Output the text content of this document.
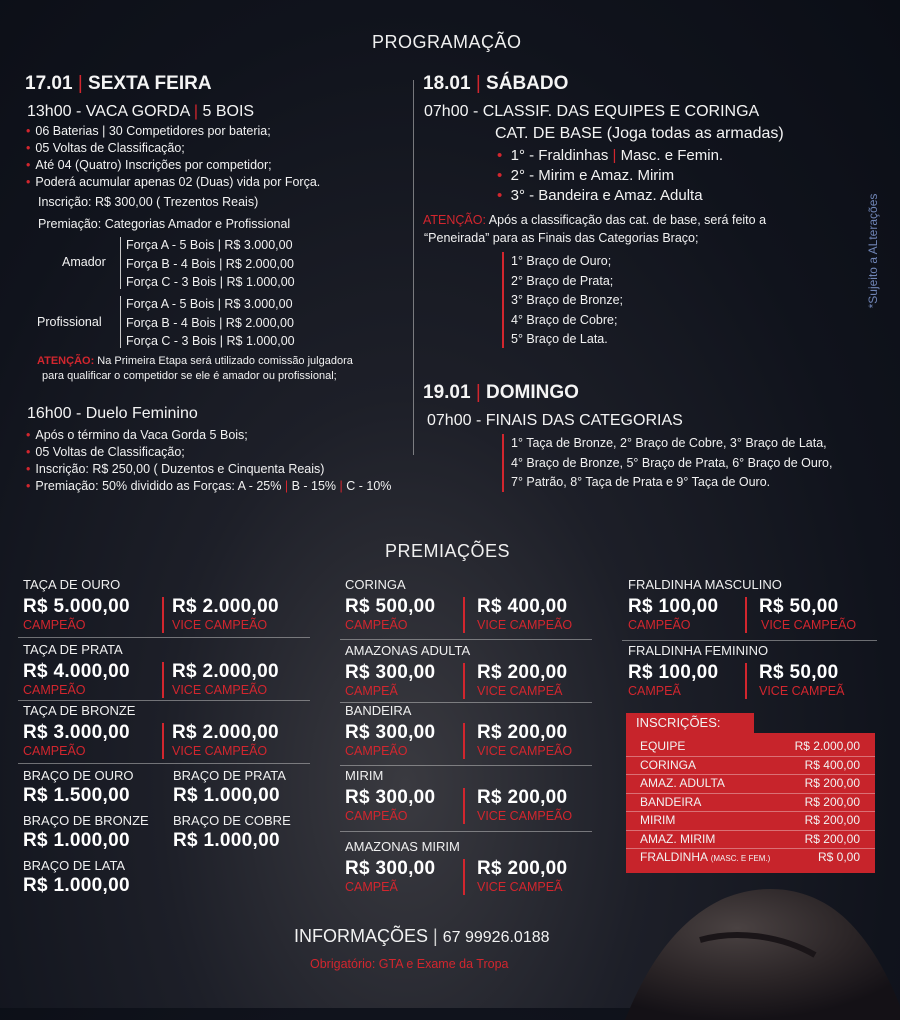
PROGRAMAÇÃO
*Sujeito a ALterações
17.01 | SEXTA FEIRA
13h00 - VACA GORDA | 5 BOIS
• 06 Baterias | 30 Competidores por bateria;
• 05 Voltas de Classificação;
• Até 04 (Quatro) Inscrições por competidor;
• Poderá acumular apenas 02 (Duas) vida por Força.
Inscrição: R$ 300,00 ( Trezentos Reais)
Premiação: Categorias Amador e Profissional
Amador
Força A - 5 Bois | R$ 3.000,00
Força B - 4 Bois | R$ 2.000,00
Força C - 3 Bois | R$ 1.000,00
Profissional
Força A - 5 Bois | R$ 3.000,00
Força B - 4 Bois | R$ 2.000,00
Força C - 3 Bois | R$ 1.000,00
ATENÇÃO: Na Primeira Etapa será utilizado comissão julgadora
para qualificar o competidor se ele é amador ou profissional;
16h00 - Duelo Feminino
• Após o término da Vaca Gorda 5 Bois;
• 05 Voltas de Classificação;
• Inscrição: R$ 250,00 ( Duzentos e Cinquenta Reais)
• Premiação: 50% dividido as Forças: A - 25% | B - 15% | C - 10%
18.01 | SÁBADO
07h00 - CLASSIF. DAS EQUIPES E CORINGA
CAT. DE BASE (Joga todas as armadas)
• 1° - Fraldinhas | Masc. e Femin.
• 2° - Mirim e Amaz. Mirim
• 3° - Bandeira e Amaz. Adulta
ATENÇÃO: Após a classificação das cat. de base, será feito a
“Peneirada” para as Finais das Categorias Braço;
1° Braço de Ouro;
2° Braço de Prata;
3° Braço de Bronze;
4° Braço de Cobre;
5° Braço de Lata.
19.01 | DOMINGO
07h00 - FINAIS DAS CATEGORIAS
1° Taça de Bronze, 2° Braço de Cobre, 3° Braço de Lata,
4° Braço de Bronze, 5° Braço de Prata, 6° Braço de Ouro,
7° Patrão, 8° Taça de Prata e 9° Taça de Ouro.
PREMIAÇÕES
TAÇA DE OURO
R$ 5.000,00
CAMPEÃO
R$ 2.000,00
VICE CAMPEÃO
TAÇA DE PRATA
R$ 4.000,00
CAMPEÃO
R$ 2.000,00
VICE CAMPEÃO
TAÇA DE BRONZE
R$ 3.000,00
CAMPEÃO
R$ 2.000,00
VICE CAMPEÃO
BRAÇO DE OURO
R$ 1.500,00
BRAÇO DE PRATA
R$ 1.000,00
BRAÇO DE BRONZE
R$ 1.000,00
BRAÇO DE COBRE
R$ 1.000,00
BRAÇO DE LATA
R$ 1.000,00
CORINGA
R$ 500,00
CAMPEÃO
R$ 400,00
VICE CAMPEÃO
AMAZONAS ADULTA
R$ 300,00
CAMPEÃ
R$ 200,00
VICE CAMPEÃ
BANDEIRA
R$ 300,00
CAMPEÃO
R$ 200,00
VICE CAMPEÃO
MIRIM
R$ 300,00
CAMPEÃO
R$ 200,00
VICE CAMPEÃO
AMAZONAS MIRIM
R$ 300,00
CAMPEÃ
R$ 200,00
VICE CAMPEÃ
FRALDINHA MASCULINO
R$ 100,00
CAMPEÃO
R$ 50,00
VICE CAMPEÃO
FRALDINHA FEMININO
R$ 100,00
CAMPEÃ
R$ 50,00
VICE CAMPEÃ
INSCRIÇÕES:
EQUIPE	R$ 2.000,00
CORINGA	R$ 400,00
AMAZ. ADULTA	R$ 200,00
BANDEIRA	R$ 200,00
MIRIM	R$ 200,00
AMAZ. MIRIM	R$ 200,00
FRALDINHA (MASC. E FEM.)	R$ 0,00
INFORMAÇÕES | 67 99926.0188
Obrigatório: GTA e Exame da Tropa
